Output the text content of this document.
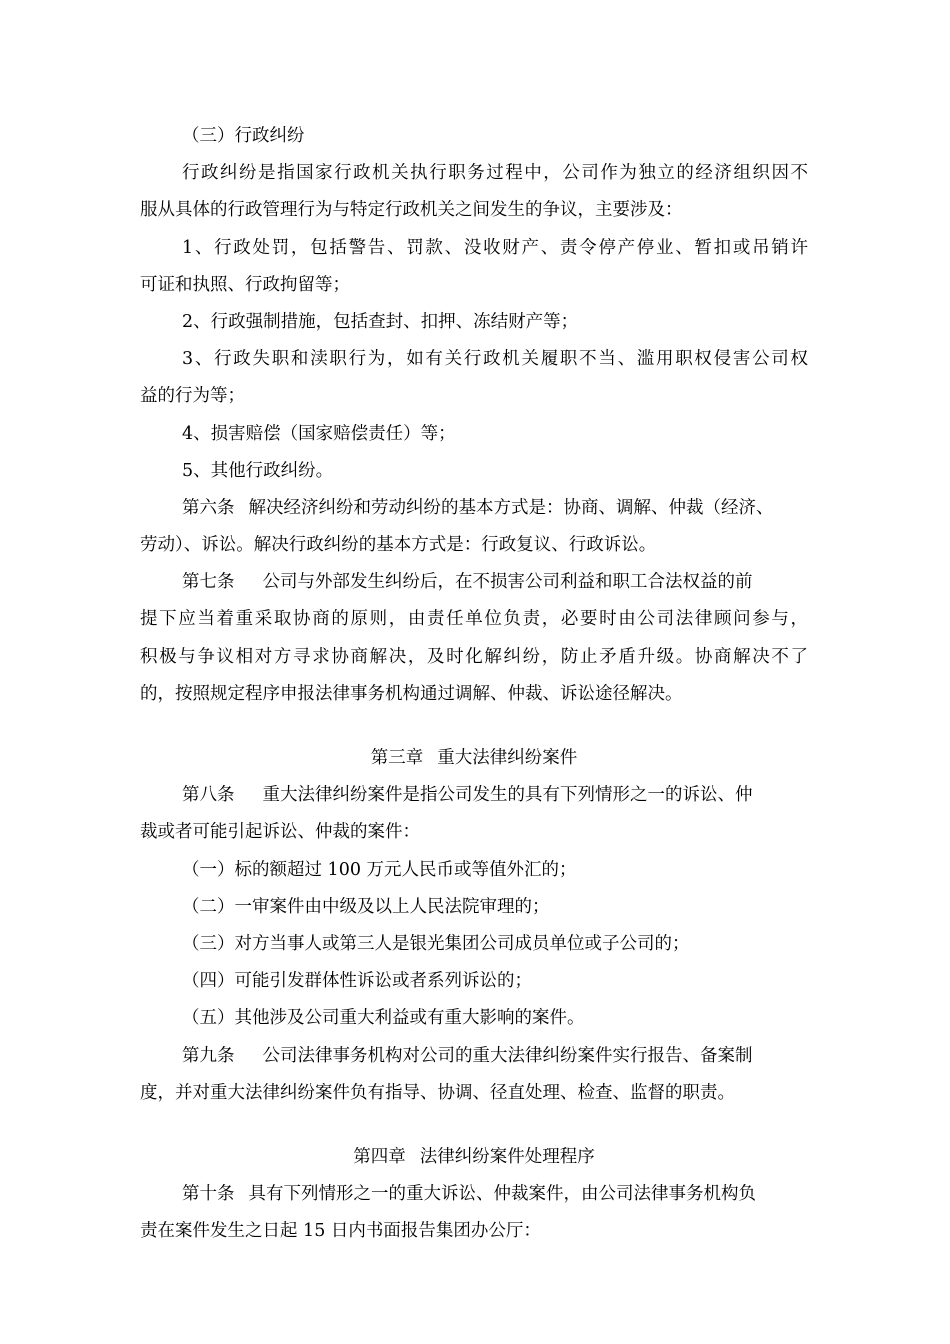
（三）行政纠纷
行政纠纷是指国家行政机关执行职务过程中，公司作为独立的经济组织因不
服从具体的行政管理行为与特定行政机关之间发生的争议，主要涉及：
1、行政处罚，包括警告、罚款、没收财产、责令停产停业、暂扣或吊销许
可证和执照、行政拘留等；
2、行政强制措施，包括查封、扣押、冻结财产等；
3、行政失职和渎职行为，如有关行政机关履职不当、滥用职权侵害公司权
益的行为等；
4、损害赔偿（国家赔偿责任）等；
5、其他行政纠纷。
第六条 解决经济纠纷和劳动纠纷的基本方式是：协商、调解、仲裁（经济、
劳动）、诉讼。解决行政纠纷的基本方式是：行政复议、行政诉讼。
第七条 公司与外部发生纠纷后，在不损害公司利益和职工合法权益的前
提下应当着重采取协商的原则，由责任单位负责，必要时由公司法律顾问参与，
积极与争议相对方寻求协商解决，及时化解纠纷，防止矛盾升级。协商解决不了
的，按照规定程序申报法律事务机构通过调解、仲裁、诉讼途径解决。
第三章 重大法律纠纷案件
第八条 重大法律纠纷案件是指公司发生的具有下列情形之一的诉讼、仲
裁或者可能引起诉讼、仲裁的案件：
（一）标的额超过 100 万元人民币或等值外汇的；
（二）一审案件由中级及以上人民法院审理的；
（三）对方当事人或第三人是银光集团公司成员单位或子公司的；
（四）可能引发群体性诉讼或者系列诉讼的；
（五）其他涉及公司重大利益或有重大影响的案件。
第九条 公司法律事务机构对公司的重大法律纠纷案件实行报告、备案制
度，并对重大法律纠纷案件负有指导、协调、径直处理、检查、监督的职责。
第四章 法律纠纷案件处理程序
第十条 具有下列情形之一的重大诉讼、仲裁案件，由公司法律事务机构负
责在案件发生之日起 15 日内书面报告集团办公厅：
